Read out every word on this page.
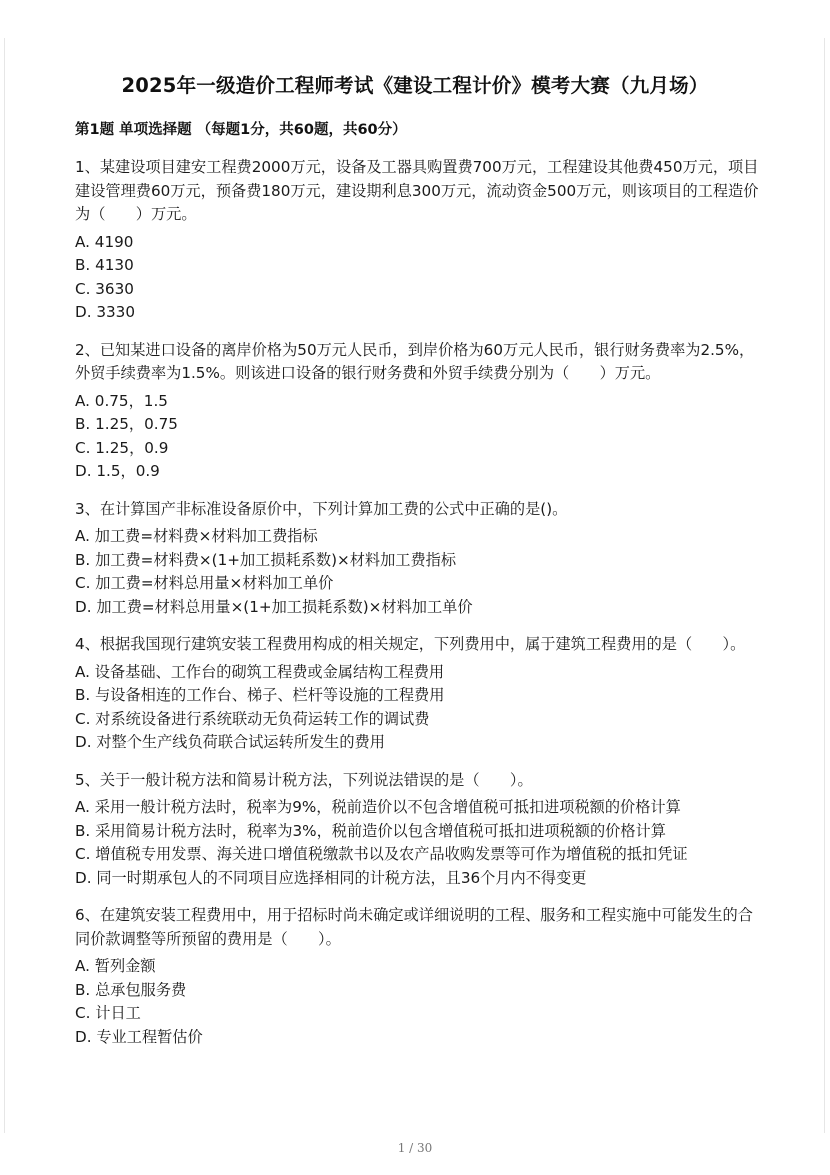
2025年一级造价工程师考试《建设工程计价》模考大赛（九月场）
第1题 单项选择题 （每题1分，共60题，共60分）
1、某建设项目建安工程费2000万元，设备及工器具购置费700万元，工程建设其他费450万元，项目建设管理费60万元，预备费180万元，建设期利息300万元，流动资金500万元，则该项目的工程造价为（　　）万元。
A. 4190
B. 4130
C. 3630
D. 3330
2、已知某进口设备的离岸价格为50万元人民币，到岸价格为60万元人民币，银行财务费率为2.5%，外贸手续费率为1.5%。则该进口设备的银行财务费和外贸手续费分别为（　　）万元。
A. 0.75，1.5
B. 1.25，0.75
C. 1.25，0.9
D. 1.5，0.9
3、在计算国产非标准设备原价中，下列计算加工费的公式中正确的是()。
A. 加工费=材料费×材料加工费指标
B. 加工费=材料费×(1+加工损耗系数)×材料加工费指标
C. 加工费=材料总用量×材料加工单价
D. 加工费=材料总用量×(1+加工损耗系数)×材料加工单价
4、根据我国现行建筑安装工程费用构成的相关规定，下列费用中，属于建筑工程费用的是（　　）。
A. 设备基础、工作台的砌筑工程费或金属结构工程费用
B. 与设备相连的工作台、梯子、栏杆等设施的工程费用
C. 对系统设备进行系统联动无负荷运转工作的调试费
D. 对整个生产线负荷联合试运转所发生的费用
5、关于一般计税方法和简易计税方法，下列说法错误的是（　　）。
A. 采用一般计税方法时，税率为9%，税前造价以不包含增值税可抵扣进项税额的价格计算
B. 采用简易计税方法时，税率为3%，税前造价以包含增值税可抵扣进项税额的价格计算
C. 增值税专用发票、海关进口增值税缴款书以及农产品收购发票等可作为增值税的抵扣凭证
D. 同一时期承包人的不同项目应选择相同的计税方法，且36个月内不得变更
6、在建筑安装工程费用中，用于招标时尚未确定或详细说明的工程、服务和工程实施中可能发生的合同价款调整等所预留的费用是（　　）。
A. 暂列金额
B. 总承包服务费
C. 计日工
D. 专业工程暂估价
1 / 30
